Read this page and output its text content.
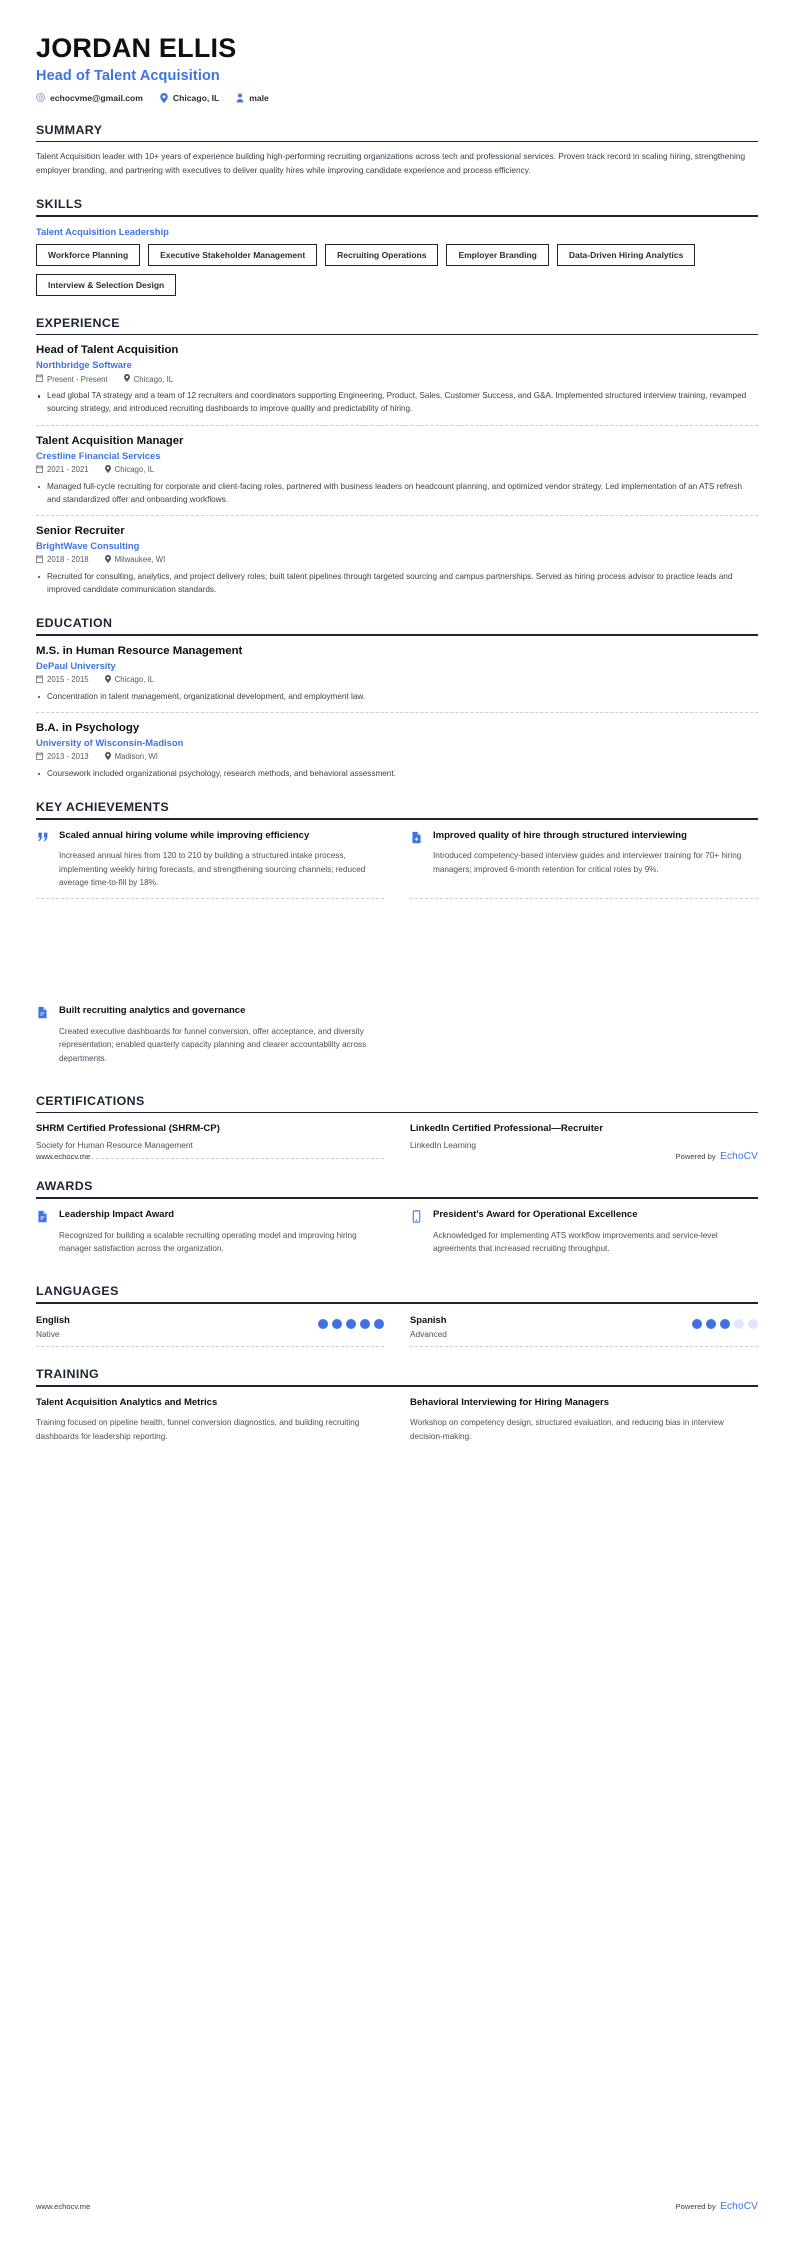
JORDAN ELLIS
Head of Talent Acquisition
echocvme@gmail.com	Chicago, IL	male
SUMMARY
Talent Acquisition leader with 10+ years of experience building high-performing recruiting organizations across tech and professional services. Proven track record in scaling hiring, strengthening employer branding, and partnering with executives to deliver quality hires while improving candidate experience and process efficiency.
SKILLS
Talent Acquisition Leadership
Workforce Planning	Executive Stakeholder Management	Recruiting Operations	Employer Branding	Data-Driven Hiring Analytics
Interview & Selection Design
EXPERIENCE
Head of Talent Acquisition
Northbridge Software
Present - Present	Chicago, IL
Lead global TA strategy and a team of 12 recruiters and coordinators supporting Engineering, Product, Sales, Customer Success, and G&A. Implemented structured interview training, revamped sourcing strategy, and introduced recruiting dashboards to improve quality and predictability of hiring.
Talent Acquisition Manager
Crestline Financial Services
2021 - 2021	Chicago, IL
Managed full-cycle recruiting for corporate and client-facing roles, partnered with business leaders on headcount planning, and optimized vendor strategy. Led implementation of an ATS refresh and standardized offer and onboarding workflows.
Senior Recruiter
BrightWave Consulting
2018 - 2018	Milwaukee, WI
Recruited for consulting, analytics, and project delivery roles; built talent pipelines through targeted sourcing and campus partnerships. Served as hiring process advisor to practice leads and improved candidate communication standards.
EDUCATION
M.S. in Human Resource Management
DePaul University
2015 - 2015	Chicago, IL
Concentration in talent management, organizational development, and employment law.
B.A. in Psychology
University of Wisconsin-Madison
2013 - 2013	Madison, WI
Coursework included organizational psychology, research methods, and behavioral assessment.
KEY ACHIEVEMENTS
Scaled annual hiring volume while improving efficiency
Increased annual hires from 120 to 210 by building a structured intake process, implementing weekly hiring forecasts, and strengthening sourcing channels; reduced average time-to-fill by 18%.
Improved quality of hire through structured interviewing
Introduced competency-based interview guides and interviewer training for 70+ hiring managers; improved 6-month retention for critical roles by 9%.
Built recruiting analytics and governance
Created executive dashboards for funnel conversion, offer acceptance, and diversity representation; enabled quarterly capacity planning and clearer accountability across departments.
CERTIFICATIONS
SHRM Certified Professional (SHRM-CP)
Society for Human Resource Management
LinkedIn Certified Professional—Recruiter
LinkedIn Learning
AWARDS
Leadership Impact Award
Recognized for building a scalable recruiting operating model and improving hiring manager satisfaction across the organization.
President's Award for Operational Excellence
Acknowledged for implementing ATS workflow improvements and service-level agreements that increased recruiting throughput.
LANGUAGES
English
Native
Spanish
Advanced
TRAINING
Talent Acquisition Analytics and Metrics
Training focused on pipeline health, funnel conversion diagnostics, and building recruiting dashboards for leadership reporting.
Behavioral Interviewing for Hiring Managers
Workshop on competency design, structured evaluation, and reducing bias in interview decision-making.
www.echocv.me	Powered by EchoCV
www.echocv.me	Powered by EchoCV
